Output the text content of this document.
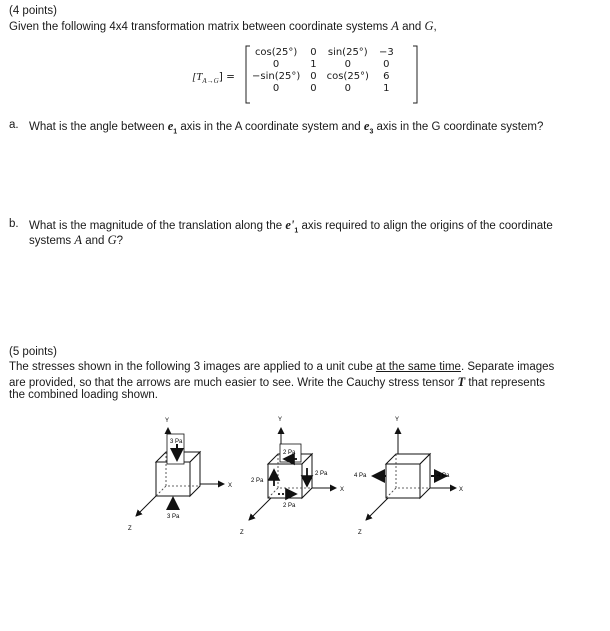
(4 points)
Given the following 4x4 transformation matrix between coordinate systems A and G,
$[T_{A\to G}]$ =
cos(25°)	0	sin(25°)	−3
0	1	0	0
−sin(25°)	0	cos(25°)	6
0	0	0	1
a. What is the angle between $e_1$ axis in the A coordinate system and $e_3$ axis in the G coordinate system?
b. What is the magnitude of the translation along the $e'_1$ axis required to align the origins of the coordinate
systems A and G?
(5 points)
The stresses shown in the following 3 images are applied to a unit cube at the same time. Separate images
are provided, so that the arrows are much easier to see. Write the Cauchy stress tensor T that represents
the combined loading shown.
Y
X
Z
3 Pa
3 Pa
Y
X
Z
2 Pa
2 Pa
2 Pa
2 Pa
Y
X
Z
4 Pa	4 Pa
